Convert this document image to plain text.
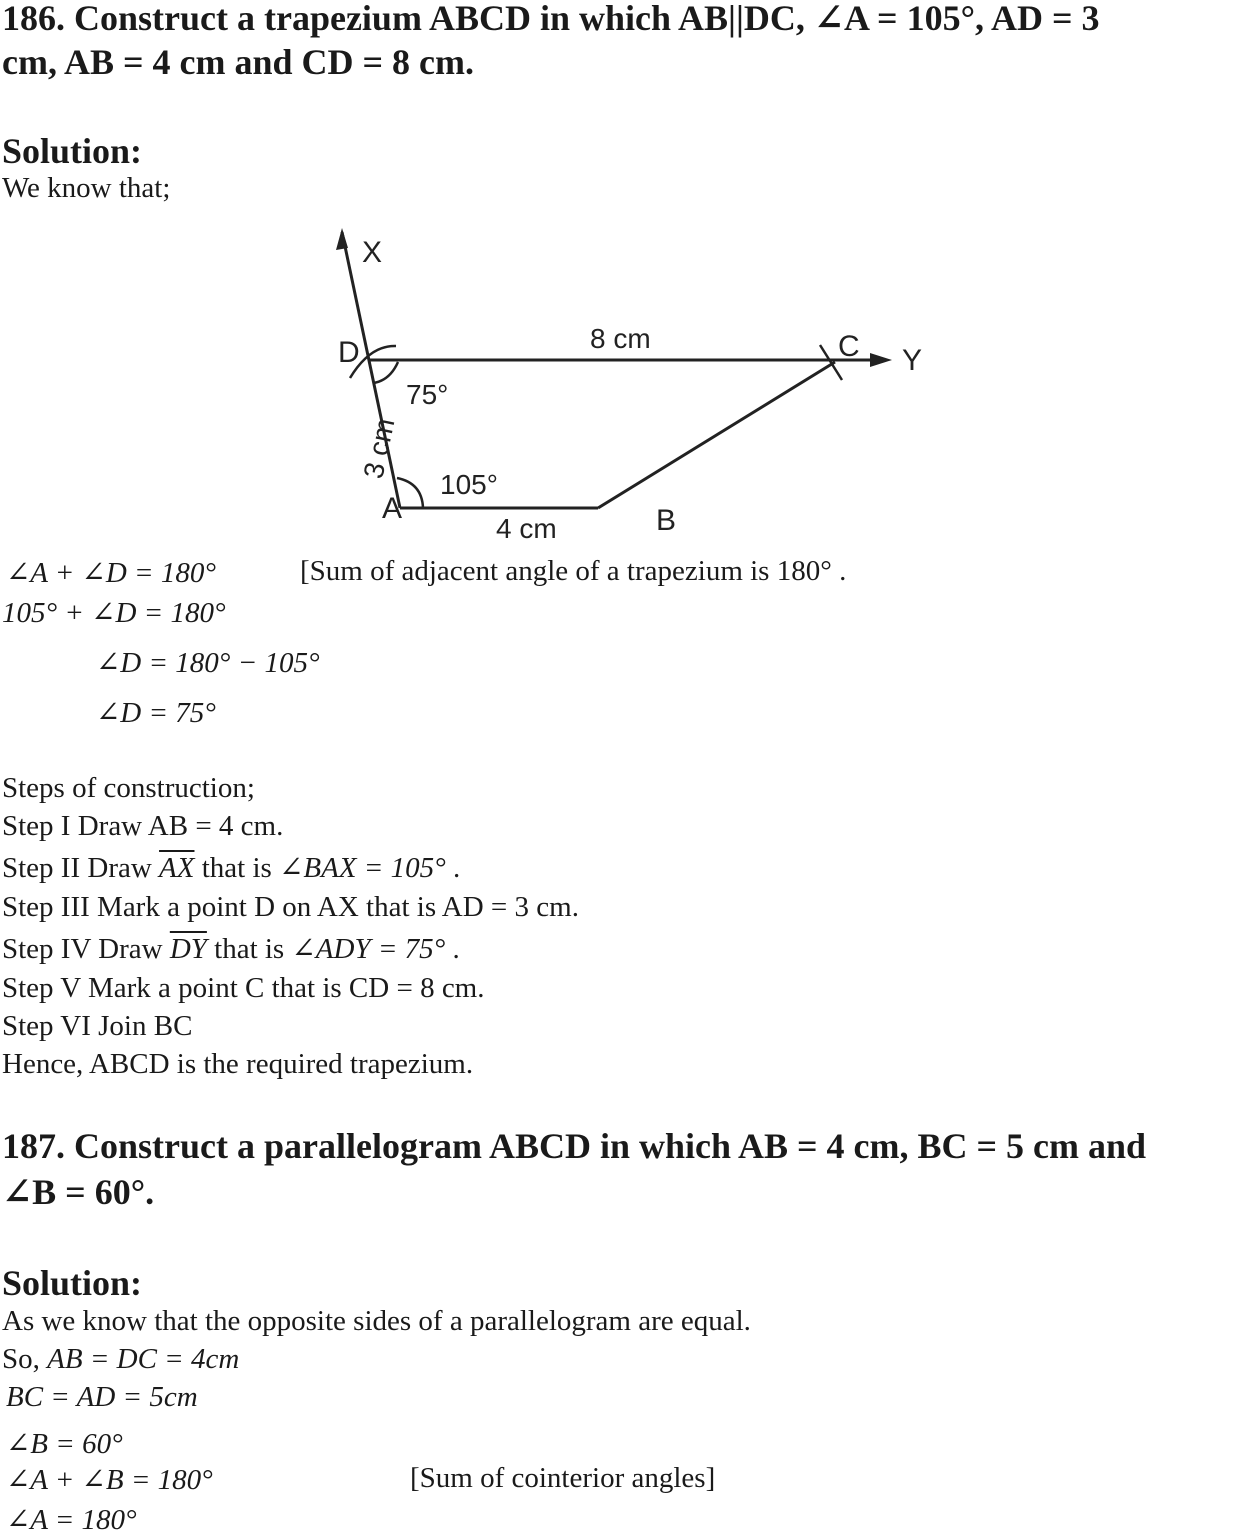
186. Construct a trapezium ABCD in which AB||DC, ∠A = 105°, AD = 3
cm, AB = 4 cm and CD = 8 cm.
Solution:
We know that;
X
D	C Y
A	B
8 cm
4 cm
75°
105°
3 cm
∠A + ∠D = 180°	[Sum of adjacent angle of a trapezium is 180° .
105° + ∠D = 180°
∠D = 180° − 105°
∠D = 75°
Steps of construction;
Step I Draw AB = 4 cm.
Step II Draw $\overline{AX}$ that is ∠BAX = 105° .
Step III Mark a point D on AX that is AD = 3 cm.
Step IV Draw $\overline{DY}$ that is ∠ADY = 75° .
Step V Mark a point C that is CD = 8 cm.
Step VI Join BC
Hence, ABCD is the required trapezium.
187. Construct a parallelogram ABCD in which AB = 4 cm, BC = 5 cm and
∠B = 60°.
Solution:
As we know that the opposite sides of a parallelogram are equal.
So, AB = DC = 4cm
BC = AD = 5cm
∠B = 60°
∠A + ∠B = 180°	[Sum of cointerior angles]
∠A = 180°
